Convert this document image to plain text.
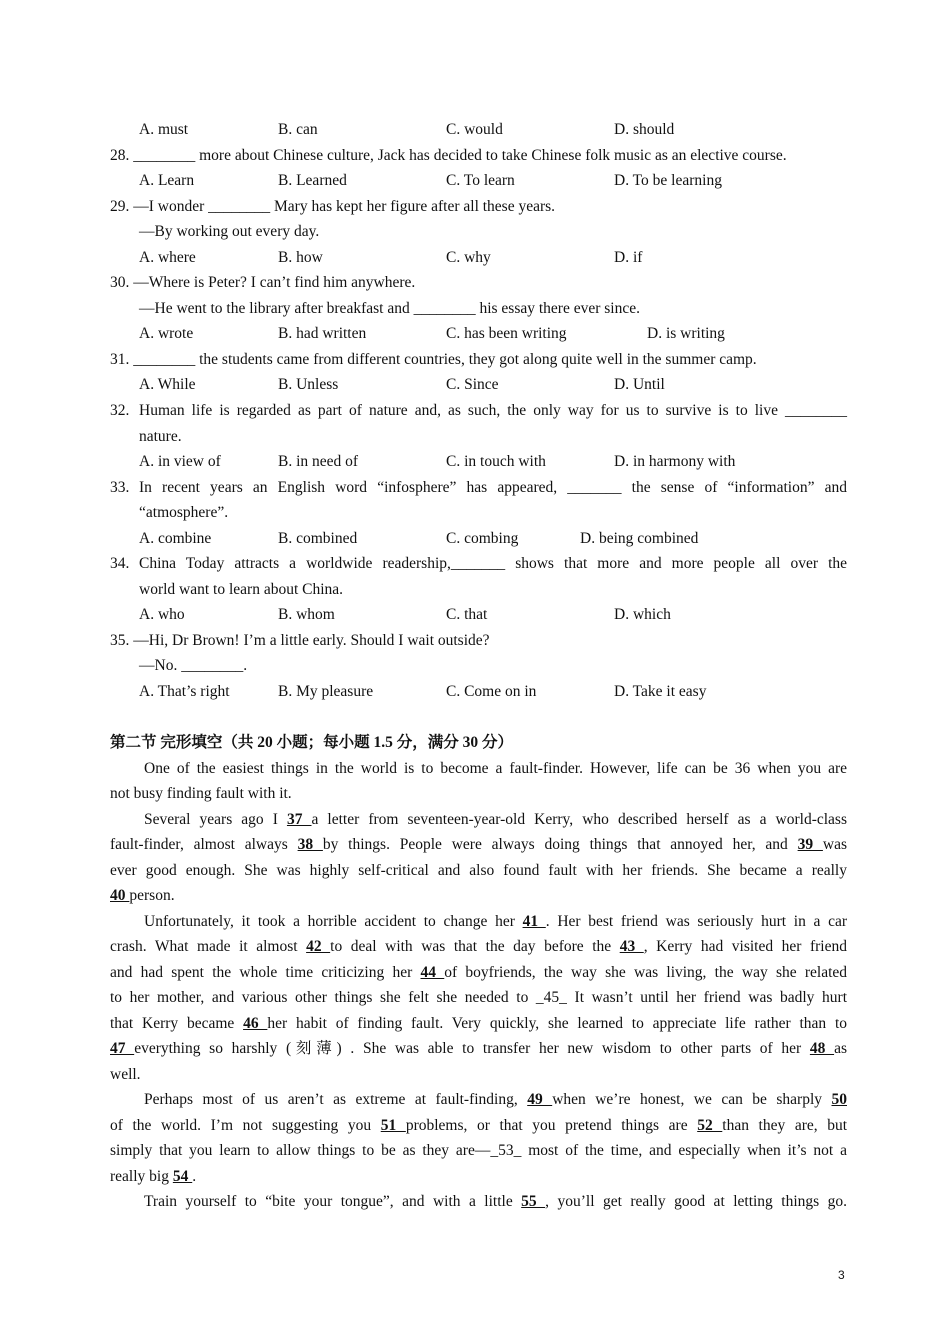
A. must	B. can	C. would	D. should
28. ________ more about Chinese culture, Jack has decided to take Chinese folk music as an elective course.
A. Learn	B. Learned	C. To learn	D. To be learning
29. —I wonder ________ Mary has kept her figure after all these years.
—By working out every day.
A. where	B. how	C. why	D. if
30. —Where is Peter? I can’t find him anywhere.
—He went to the library after breakfast and ________ his essay there ever since.
A. wrote	B. had written	C. has been writing	D. is writing
31. ________ the students came from different countries, they got along quite well in the summer camp.
A. While	B. Unless	C. Since	D. Until
32. Human life is regarded as part of nature and, as such, the only way for us to survive is to live ________
nature.
A. in view of	B. in need of	C. in touch with	D. in harmony with
33. In recent years an English word “infosphere” has appeared, _______ the sense of “information” and
“atmosphere”.
A. combine	B. combined	C. combing	D. being combined
34. China Today attracts a worldwide readership,_______ shows that more and more people all over the
world want to learn about China.
A. who	B. whom	C. that	D. which
35. —Hi, Dr Brown! I’m a little early. Should I wait outside?
—No. ________.
A. That’s right	B. My pleasure	C. Come on in	D. Take it easy
第二节 完形填空（共 20 小题；每小题 1.5 分，满分 30 分）
One of the easiest things in the world is to become a fault-finder. However, life can be 36 when you are
not busy finding fault with it.
Several years ago I 37 a letter from seventeen-year-old Kerry, who described herself as a world-class
fault-finder, almost always 38 by things. People were always doing things that annoyed her, and 39 was
ever good enough. She was highly self-critical and also found fault with her friends. She became a really
40 person.
Unfortunately, it took a horrible accident to change her 41 . Her best friend was seriously hurt in a car
crash. What made it almost 42 to deal with was that the day before the 43 , Kerry had visited her friend
and had spent the whole time criticizing her 44 of boyfriends, the way she was living, the way she related
to her mother, and various other things she felt she needed to _45_ It wasn’t until her friend was badly hurt
that Kerry became 46 her habit of finding fault. Very quickly, she learned to appreciate life rather than to
47 everything so harshly (刻薄) . She was able to transfer her new wisdom to other parts of her 48 as
well.
Perhaps most of us aren’t as extreme at fault-finding, 49 when we’re honest, we can be sharply 50
of the world. I’m not suggesting you 51 problems, or that you pretend things are 52 than they are, but
simply that you learn to allow things to be as they are—_53_ most of the time, and especially when it’s not a
really big 54 .
Train yourself to “bite your tongue”, and with a little 55 , you’ll get really good at letting things go.
3
